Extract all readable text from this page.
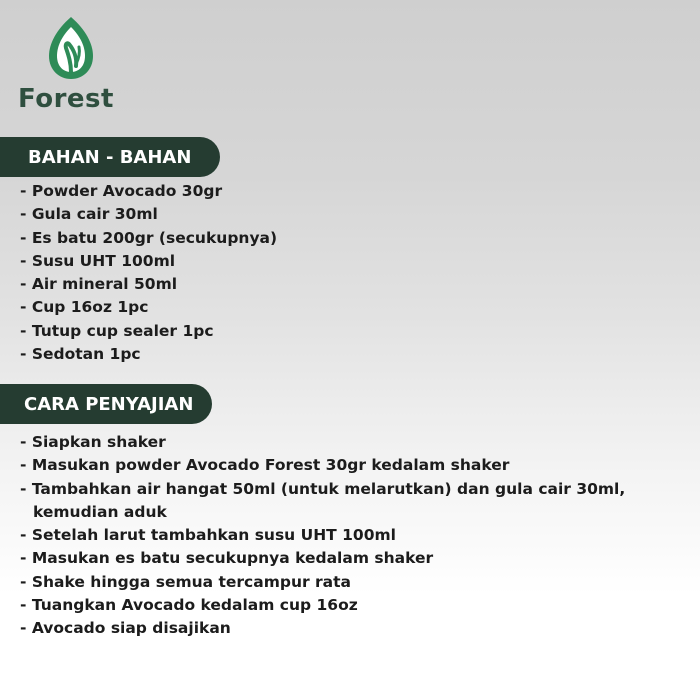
Forest
BAHAN - BAHAN
- Powder Avocado 30gr
- Gula cair 30ml
- Es batu 200gr (secukupnya)
- Susu UHT 100ml
- Air mineral 50ml
- Cup 16oz 1pc
- Tutup cup sealer 1pc
- Sedotan 1pc
CARA PENYAJIAN
- Siapkan shaker
- Masukan powder Avocado Forest 30gr kedalam shaker
- Tambahkan air hangat 50ml (untuk melarutkan) dan gula cair 30ml,
kemudian aduk
- Setelah larut tambahkan susu UHT 100ml
- Masukan es batu secukupnya kedalam shaker
- Shake hingga semua tercampur rata
- Tuangkan Avocado kedalam cup 16oz
- Avocado siap disajikan
